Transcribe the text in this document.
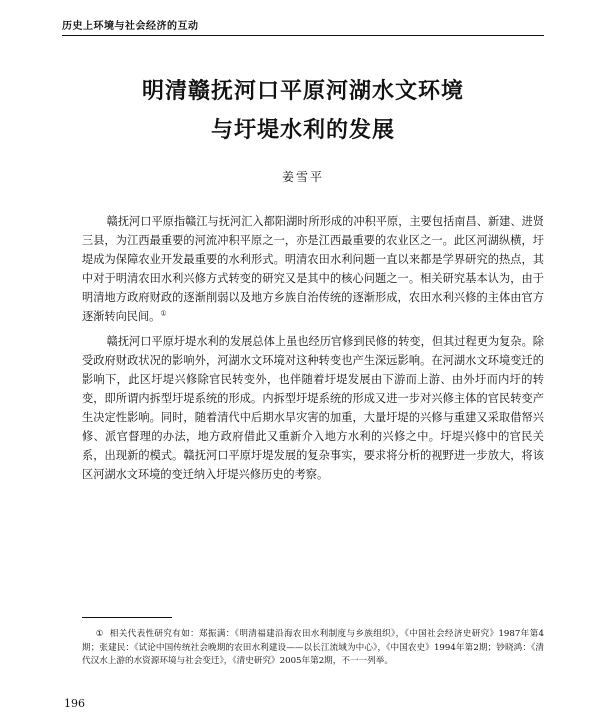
历史上环境与社会经济的互动
明清赣抚河口平原河湖水文环境
与圩堤水利的发展
姜雪平

赣抚河口平原指赣江与抚河汇入都阳湖时所形成的冲积平原，主要包括南昌、新建、进贤三县，为江西最重要的河流冲积平原之一，亦是江西最重要的农业区之一。此区河湖纵横，圩堤成为保障农业开发最重要的水利形式。明清农田水利问题一直以来都是学界研究的热点，其中对于明清农田水利兴修方式转变的研究又是其中的核心问题之一。相关研究基本认为，由于明清地方政府财政的逐渐削弱以及地方乡族自治传统的逐渐形成，农田水利兴修的主体由官方逐渐转向民间。①

赣抚河口平原圩堤水利的发展总体上虽也经历官修到民修的转变，但其过程更为复杂。除受政府财政状况的影响外，河湖水文环境对这种转变也产生深远影响。在河湖水文环境变迁的影响下，此区圩堤兴修除官民转变外，也伴随着圩堤发展由下游而上游、由外圩而内圩的转变，即所谓内拆型圩堤系统的形成。内拆型圩堤系统的形成又进一步对兴修主体的官民转变产生决定性影响。同时，随着清代中后期水旱灾害的加重，大量圩堤的兴修与重建又采取借帑兴修、派官督理的办法，地方政府借此又重新介入地方水利的兴修之中。圩堤兴修中的官民关系，出现新的模式。赣抚河口平原圩堤发展的复杂事实，要求将分析的视野进一步放大，将该区河湖水文环境的变迁纳入圩堤兴修历史的考察。

① 相关代表性研究有如：郑振满：《明清福建沿海农田水利制度与乡族组织》，《中国社会经济史研究》1987年第4期；张建民：《试论中国传统社会晚期的农田水利建设——以长江流域为中心》，《中国农史》1994年第2期；钞晓鸿：《清代汉水上游的水资源环境与社会变迁》，《清史研究》2005年第2期，不一一列举。
196
